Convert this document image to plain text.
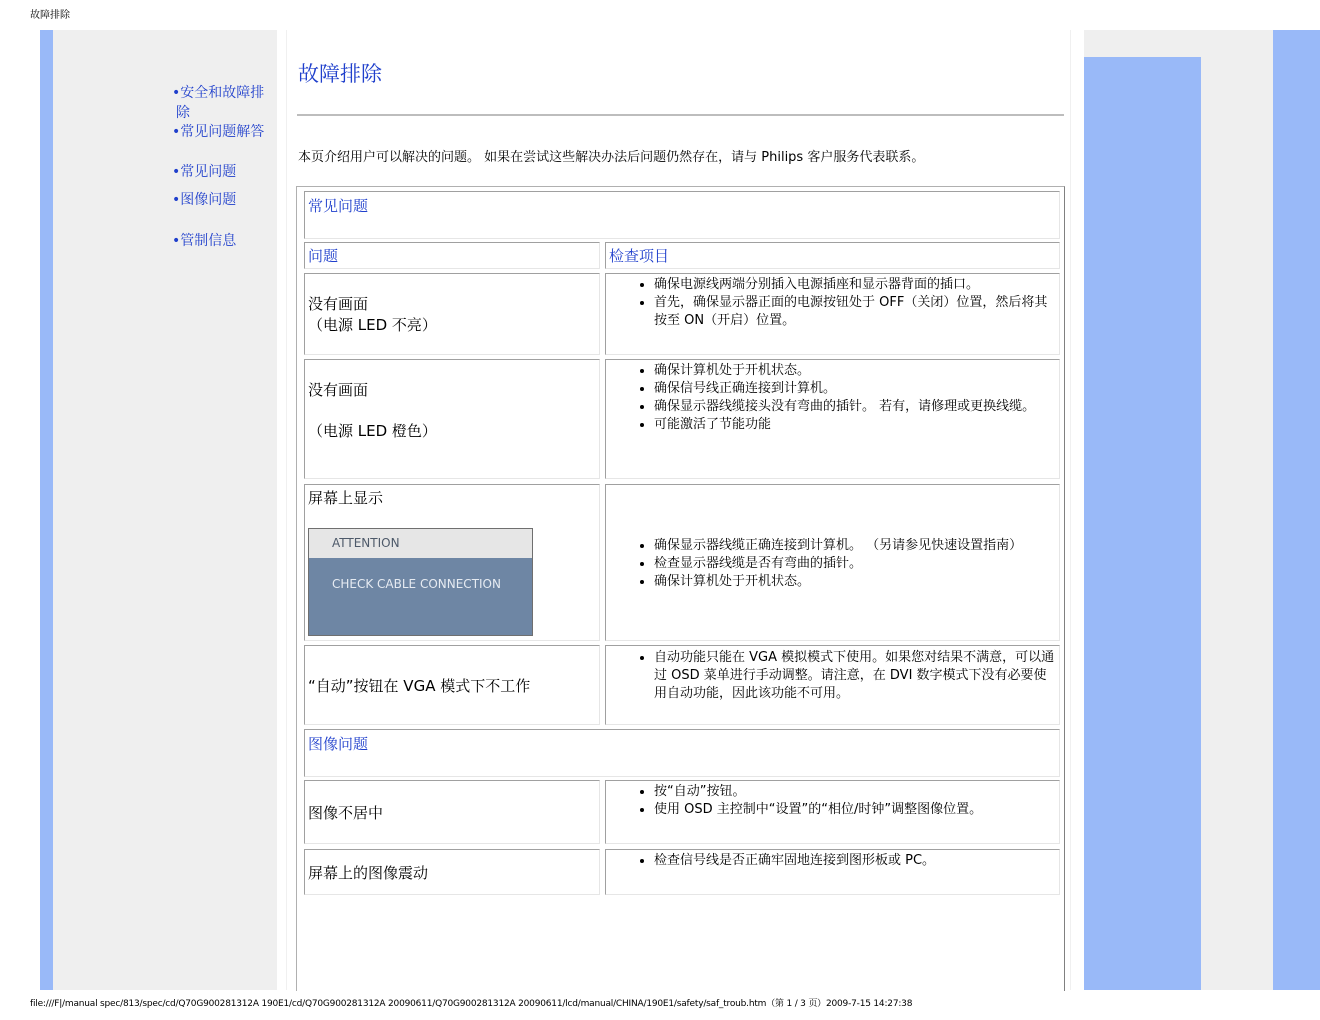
故障排除
•安全和故障排
除
•常见问题解答
•常见问题
•图像问题
•管制信息
故障排除
本页介绍用户可以解决的问题。 如果在尝试这些解决办法后问题仍然存在，请与 Philips 客户服务代表联系。
常见问题
问题	检查项目
没有画面
（电源 LED 不亮）
• 确保电源线两端分别插入电源插座和显示器背面的插口。
• 首先，确保显示器正面的电源按钮处于 OFF（关闭）位置，然后将其按至 ON（开启）位置。
没有画面
（电源 LED 橙色）
• 确保计算机处于开机状态。
• 确保信号线正确连接到计算机。
• 确保显示器线缆接头没有弯曲的插针。 若有，请修理或更换线缆。
• 可能激活了节能功能
屏幕上显示
ATTENTION
CHECK CABLE CONNECTION
• 确保显示器线缆正确连接到计算机。 （另请参见快速设置指南）
• 检查显示器线缆是否有弯曲的插针。
• 确保计算机处于开机状态。
“自动”按钮在 VGA 模式下不工作
• 自动功能只能在 VGA 模拟模式下使用。如果您对结果不满意，可以通过 OSD 菜单进行手动调整。请注意，在 DVI 数字模式下没有必要使用自动功能，因此该功能不可用。
图像问题
图像不居中
• 按“自动”按钮。
• 使用 OSD 主控制中“设置”的“相位/时钟”调整图像位置。
屏幕上的图像震动
• 检查信号线是否正确牢固地连接到图形板或 PC。
file:///F|/manual spec/813/spec/cd/Q70G900281312A 190E1/cd/Q70G900281312A 20090611/Q70G900281312A 20090611/lcd/manual/CHINA/190E1/safety/saf_troub.htm（第 1 / 3 页）2009-7-15 14:27:38
